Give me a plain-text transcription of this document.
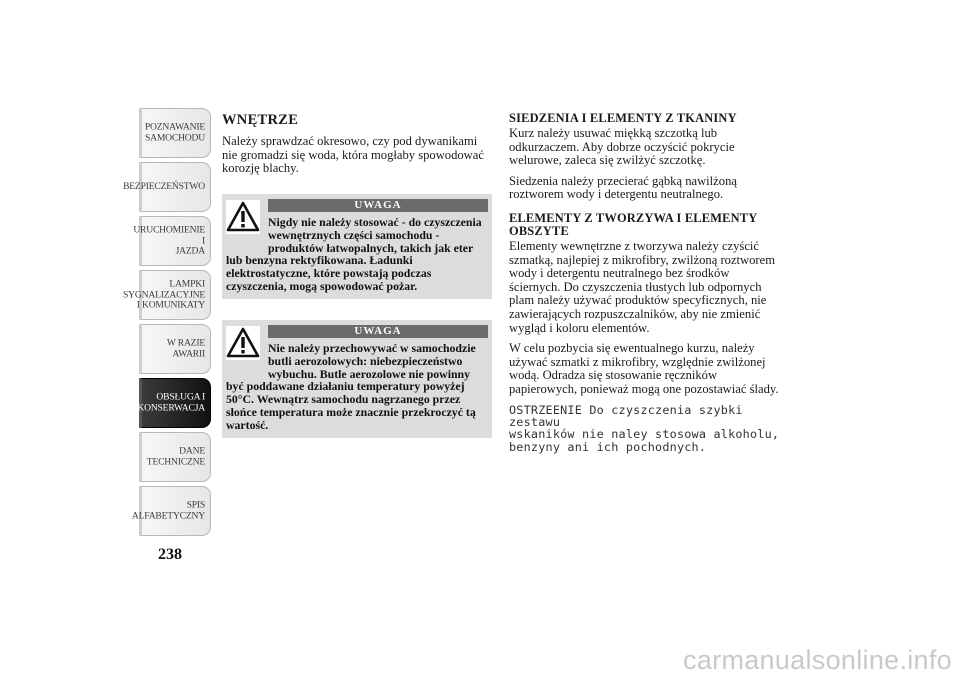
POZNAWANIE
SAMOCHODU
BEZPIECZEŃSTWO
URUCHOMIENIE I
JAZDA
LAMPKI
SYGNALIZACYJNE
I KOMUNIKATY
W RAZIE AWARII
OBSŁUGA I
KONSERWACJA
DANE
TECHNICZNE
SPIS
ALFABETYCZNY
238
WNĘTRZE

Należy sprawdzać okresowo, czy pod dywanikami nie gromadzi się woda, która mogłaby spowodować korozję blachy.

UWAGA
Nigdy nie należy stosować - do czyszczenia wewnętrznych części samochodu - produktów łatwopalnych, takich jak eter lub benzyna rektyfikowana. Ładunki elektrostatyczne, które powstają podczas czyszczenia, mogą spowodować pożar.
UWAGA
Nie należy przechowywać w samochodzie butli aerozolowych: niebezpieczeństwo wybuchu. Butle aerozolowe nie powinny być poddawane działaniu temperatury powyżej 50°C. Wewnątrz samochodu nagrzanego przez słońce temperatura może znacznie przekroczyć tą wartość.
SIEDZENIA I ELEMENTY Z TKANINY

Kurz należy usuwać miękką szczotką lub odkurzaczem. Aby dobrze oczyścić pokrycie welurowe, zaleca się zwilżyć szczotkę.

Siedzenia należy przecierać gąbką nawilżoną roztworem wody i detergentu neutralnego.

ELEMENTY Z TWORZYWA I ELEMENTY OBSZYTE

Elementy wewnętrzne z tworzywa należy czyścić szmatką, najlepiej z mikrofibry, zwilżoną roztworem wody i detergentu neutralnego bez środków ściernych. Do czyszczenia tłustych lub odpornych plam należy używać produktów specyficznych, nie zawierających rozpuszczalników, aby nie zmienić wygląd i koloru elementów.

W celu pozbycia się ewentualnego kurzu, należy używać szmatki z mikrofibry, względnie zwilżonej wodą. Odradza się stosowanie ręczników papierowych, ponieważ mogą one pozostawiać ślady.

OSTRZEENIE Do czyszczenia szybki zestawu
wskaników nie naley stosowa alkoholu,
benzyny ani ich pochodnych.
carmanualsonline.info
